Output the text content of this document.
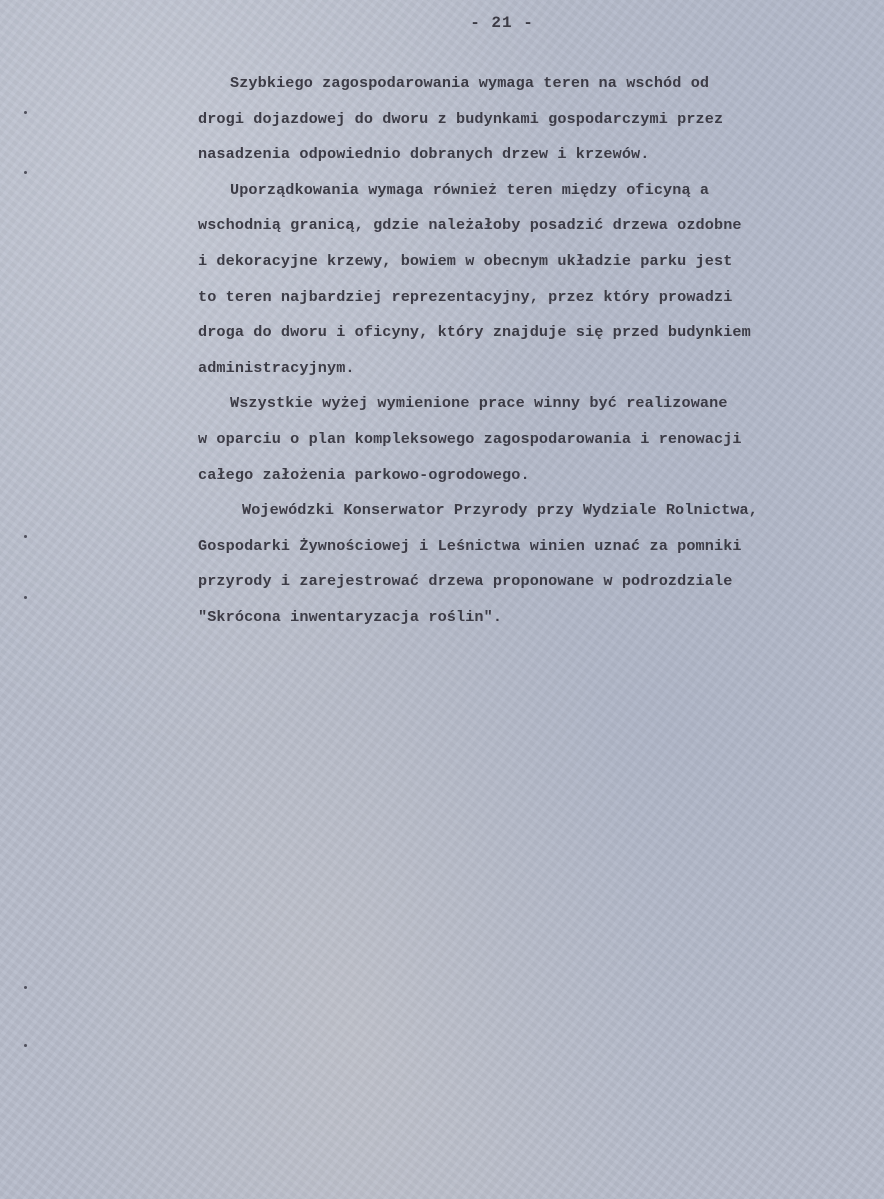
- 21 -
Szybkiego zagospodarowania wymaga teren na wschód od
drogi dojazdowej do dworu z budynkami gospodarczymi przez
nasadzenia odpowiednio dobranych drzew i krzewów.
Uporządkowania wymaga również teren między oficyną a
wschodnią granicą, gdzie należałoby posadzić drzewa ozdobne
i dekoracyjne krzewy, bowiem w obecnym układzie parku jest
to teren najbardziej reprezentacyjny, przez który prowadzi
droga do dworu i oficyny, który znajduje się przed budynkiem
administracyjnym.
Wszystkie wyżej wymienione prace winny być realizowane
w oparciu o plan kompleksowego zagospodarowania i renowacji
całego założenia parkowo-ogrodowego.
Wojewódzki Konserwator Przyrody przy Wydziale Rolnictwa,
Gospodarki Żywnościowej i Leśnictwa winien uznać za pomniki
przyrody i zarejestrować drzewa proponowane w podrozdziale
"Skrócona inwentaryzacja roślin".
